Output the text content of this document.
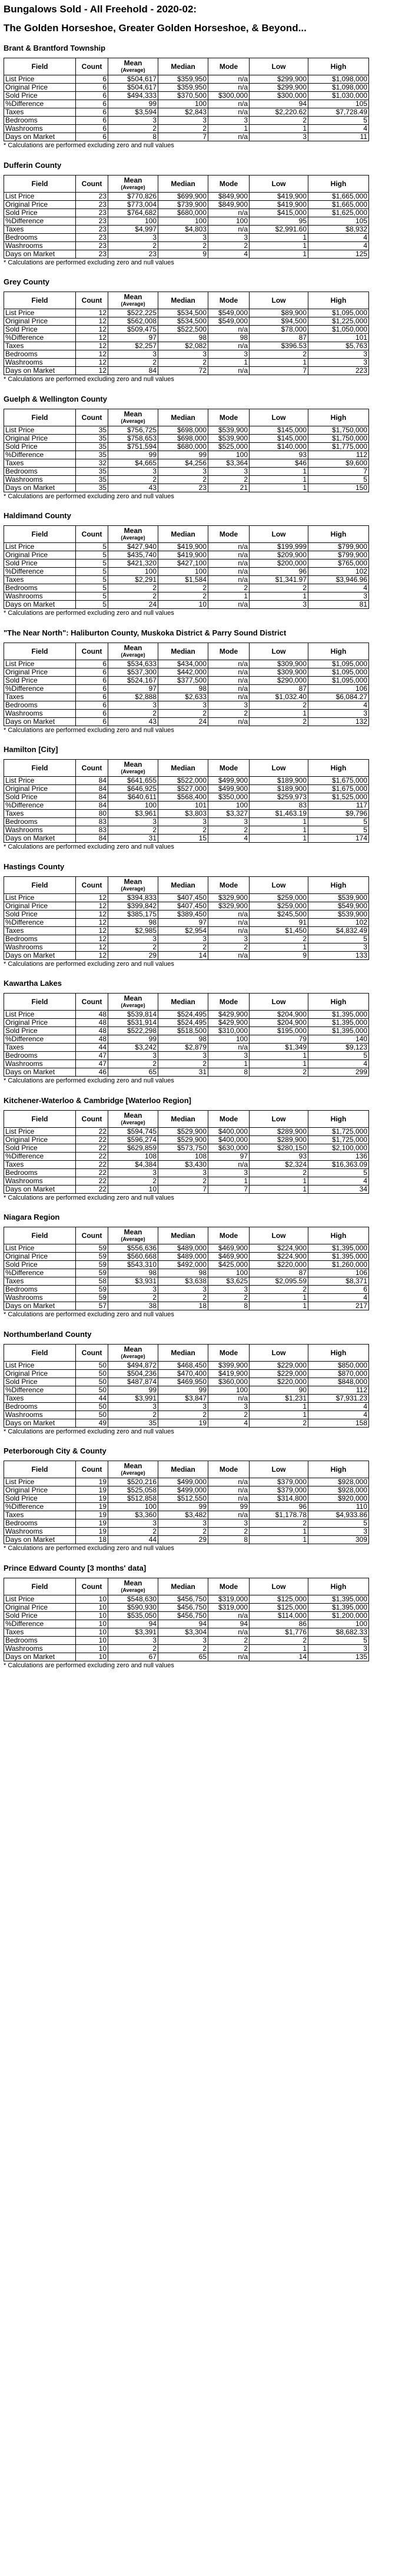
Bungalows Sold - All Freehold - 2020-02:
The Golden Horseshoe, Greater Golden Horseshoe, & Beyond...
Brant & Brantford Township
Field	Count	Mean
(Average)	Median	Mode	Low	High
List Price	6	$504,617	$359,950	n/a	$299,900	$1,098,000
Original Price	6	$504,617	$359,950	n/a	$299,900	$1,098,000
Sold Price	6	$494,333	$370,500	$300,000	$300,000	$1,030,000
%Difference	6	99	100	n/a	94	105
Taxes	6	$3,594	$2,843	n/a	$2,220.62	$7,728.49
Bedrooms	6	3	3	3	2	5
Washrooms	6	2	2	1	1	4
Days on Market	6	8	7	n/a	3	11
* Calculations are performed excluding zero and null values
Dufferin County
Field	Count	Mean
(Average)	Median	Mode	Low	High
List Price	23	$770,826	$699,900	$849,900	$419,900	$1,665,000
Original Price	23	$773,004	$739,900	$849,900	$419,900	$1,665,000
Sold Price	23	$764,682	$680,000	n/a	$415,000	$1,625,000
%Difference	23	100	100	100	95	105
Taxes	23	$4,997	$4,803	n/a	$2,991.60	$8,932
Bedrooms	23	3	3	3	1	4
Washrooms	23	2	2	2	1	4
Days on Market	23	23	9	4	1	125
* Calculations are performed excluding zero and null values
Grey County
Field	Count	Mean
(Average)	Median	Mode	Low	High
List Price	12	$522,225	$534,500	$549,000	$89,900	$1,095,000
Original Price	12	$562,008	$534,500	$549,000	$94,500	$1,225,000
Sold Price	12	$509,475	$522,500	n/a	$78,000	$1,050,000
%Difference	12	97	98	98	87	101
Taxes	12	$2,257	$2,082	n/a	$396.53	$5,763
Bedrooms	12	3	3	3	2	3
Washrooms	12	2	2	1	1	3
Days on Market	12	84	72	n/a	7	223
* Calculations are performed excluding zero and null values
Guelph & Wellington County
Field	Count	Mean
(Average)	Median	Mode	Low	High
List Price	35	$756,725	$698,000	$539,900	$145,000	$1,750,000
Original Price	35	$758,653	$698,000	$539,900	$145,000	$1,750,000
Sold Price	35	$751,594	$680,000	$525,000	$140,000	$1,775,000
%Difference	35	99	99	100	93	112
Taxes	32	$4,665	$4,256	$3,364	$46	$9,600
Bedrooms	35	3	3	3	1	7
Washrooms	35	2	2	2	1	5
Days on Market	35	43	23	21	1	150
* Calculations are performed excluding zero and null values
Haldimand County
Field	Count	Mean
(Average)	Median	Mode	Low	High
List Price	5	$427,940	$419,900	n/a	$199,999	$799,900
Original Price	5	$435,740	$419,900	n/a	$209,900	$799,900
Sold Price	5	$421,320	$427,100	n/a	$200,000	$765,000
%Difference	5	100	100	n/a	96	102
Taxes	5	$2,291	$1,584	n/a	$1,341.97	$3,946.96
Bedrooms	5	2	2	2	2	4
Washrooms	5	2	2	1	1	3
Days on Market	5	24	10	n/a	3	81
* Calculations are performed excluding zero and null values
"The Near North": Haliburton County, Muskoka District & Parry Sound District
Field	Count	Mean
(Average)	Median	Mode	Low	High
List Price	6	$534,633	$434,000	n/a	$309,900	$1,095,000
Original Price	6	$537,300	$442,000	n/a	$309,900	$1,095,000
Sold Price	6	$524,167	$377,500	n/a	$290,000	$1,095,000
%Difference	6	97	98	n/a	87	106
Taxes	6	$2,888	$2,633	n/a	$1,032.40	$6,084.27
Bedrooms	6	3	3	3	2	4
Washrooms	6	2	2	2	1	3
Days on Market	6	43	24	n/a	2	132
* Calculations are performed excluding zero and null values
Hamilton [City]
Field	Count	Mean
(Average)	Median	Mode	Low	High
List Price	84	$641,655	$522,000	$499,900	$189,900	$1,675,000
Original Price	84	$646,925	$527,000	$499,900	$189,900	$1,675,000
Sold Price	84	$640,611	$568,400	$350,000	$259,973	$1,525,000
%Difference	84	100	101	100	83	117
Taxes	80	$3,961	$3,803	$3,327	$1,463.19	$9,796
Bedrooms	83	3	3	3	1	5
Washrooms	83	2	2	2	1	5
Days on Market	84	31	15	4	1	174
* Calculations are performed excluding zero and null values
Hastings County
Field	Count	Mean
(Average)	Median	Mode	Low	High
List Price	12	$394,833	$407,450	$329,900	$259,000	$539,900
Original Price	12	$399,842	$407,450	$329,900	$259,000	$549,900
Sold Price	12	$385,175	$389,450	n/a	$245,500	$539,900
%Difference	12	98	97	n/a	91	102
Taxes	12	$2,985	$2,954	n/a	$1,450	$4,832.49
Bedrooms	12	3	3	3	2	5
Washrooms	12	2	2	2	1	3
Days on Market	12	29	14	n/a	9	133
* Calculations are performed excluding zero and null values
Kawartha Lakes
Field	Count	Mean
(Average)	Median	Mode	Low	High
List Price	48	$539,814	$524,495	$429,900	$204,900	$1,395,000
Original Price	48	$531,914	$524,495	$429,900	$204,900	$1,395,000
Sold Price	48	$522,298	$518,500	$310,000	$195,000	$1,395,000
%Difference	48	99	98	100	79	140
Taxes	44	$3,242	$2,879	n/a	$1,349	$9,123
Bedrooms	47	3	3	3	1	5
Washrooms	47	2	2	1	1	4
Days on Market	46	65	31	8	2	299
* Calculations are performed excluding zero and null values
Kitchener-Waterloo & Cambridge [Waterloo Region]
Field	Count	Mean
(Average)	Median	Mode	Low	High
List Price	22	$594,745	$529,900	$400,000	$289,900	$1,725,000
Original Price	22	$596,274	$529,900	$400,000	$289,900	$1,725,000
Sold Price	22	$629,859	$573,750	$630,000	$280,150	$2,100,000
%Difference	22	108	108	97	93	136
Taxes	22	$4,384	$3,430	n/a	$2,324	$16,363.09
Bedrooms	22	3	3	3	2	5
Washrooms	22	2	2	1	1	4
Days on Market	22	10	7	7	1	34
* Calculations are performed excluding zero and null values
Niagara Region
Field	Count	Mean
(Average)	Median	Mode	Low	High
List Price	59	$556,636	$489,000	$469,900	$224,900	$1,395,000
Original Price	59	$560,668	$489,000	$469,900	$224,900	$1,395,000
Sold Price	59	$543,310	$492,000	$425,000	$220,000	$1,260,000
%Difference	59	98	98	100	87	106
Taxes	58	$3,931	$3,638	$3,625	$2,095.59	$8,371
Bedrooms	59	3	3	3	2	6
Washrooms	59	2	2	2	1	4
Days on Market	57	38	18	8	1	217
* Calculations are performed excluding zero and null values
Northumberland County
Field	Count	Mean
(Average)	Median	Mode	Low	High
List Price	50	$494,872	$468,450	$399,900	$229,000	$850,000
Original Price	50	$504,236	$470,400	$419,900	$229,000	$870,000
Sold Price	50	$487,874	$469,950	$360,000	$220,000	$848,000
%Difference	50	99	99	100	90	112
Taxes	44	$3,991	$3,847	n/a	$1,231	$7,931.23
Bedrooms	50	3	3	3	1	4
Washrooms	50	2	2	2	1	4
Days on Market	49	35	19	4	2	158
* Calculations are performed excluding zero and null values
Peterborough City & County
Field	Count	Mean
(Average)	Median	Mode	Low	High
List Price	19	$520,216	$499,000	n/a	$379,000	$928,000
Original Price	19	$525,058	$499,000	n/a	$379,000	$928,000
Sold Price	19	$512,858	$512,550	n/a	$314,800	$920,000
%Difference	19	100	99	99	96	110
Taxes	19	$3,360	$3,482	n/a	$1,178.78	$4,933.86
Bedrooms	19	3	3	3	2	5
Washrooms	19	2	2	2	1	3
Days on Market	18	44	29	8	1	309
* Calculations are performed excluding zero and null values
Prince Edward County [3 months' data]
Field	Count	Mean
(Average)	Median	Mode	Low	High
List Price	10	$548,630	$456,750	$319,000	$125,000	$1,395,000
Original Price	10	$590,930	$456,750	$319,000	$125,000	$1,395,000
Sold Price	10	$535,050	$456,750	n/a	$114,000	$1,200,000
%Difference	10	94	94	94	86	100
Taxes	10	$3,391	$3,304	n/a	$1,776	$8,682.33
Bedrooms	10	3	3	2	2	5
Washrooms	10	2	2	2	1	3
Days on Market	10	67	65	n/a	14	135
* Calculations are performed excluding zero and null values
